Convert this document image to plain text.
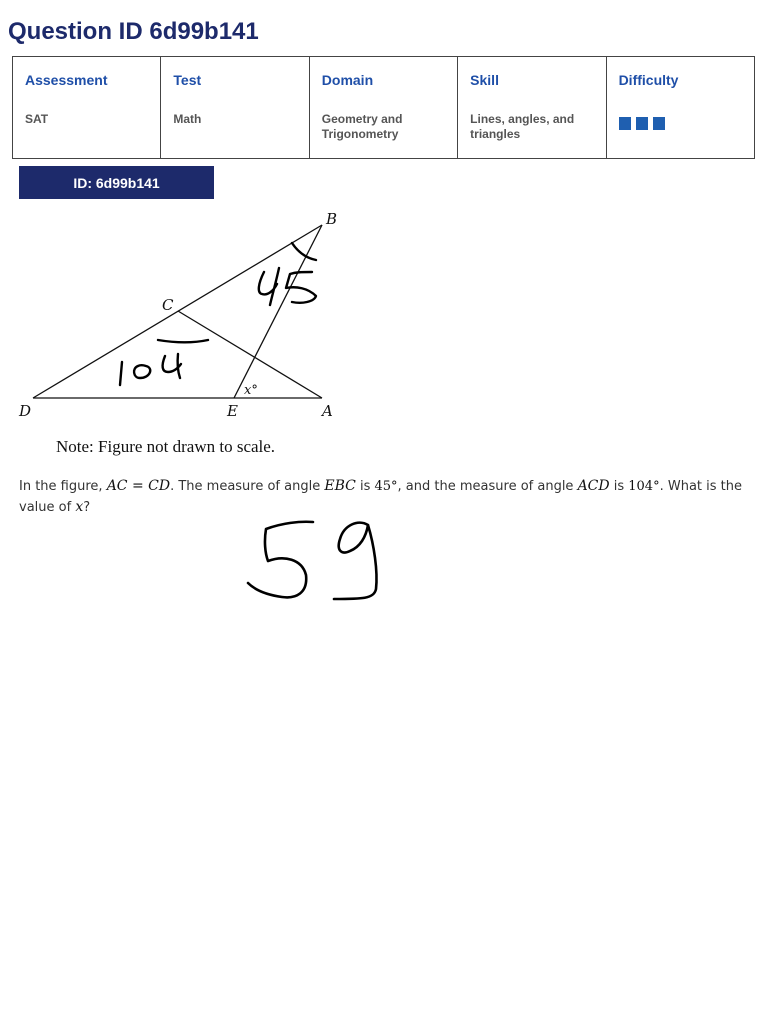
Question ID 6d99b141
Assessment
SAT

Test
Math

Domain
Geometry and Trigonometry

Skill
Lines, angles, and triangles

Difficulty
ID: 6d99b141
B
C
D	E	A
x°
Note: Figure not drawn to scale.
In the figure, AC = CD. The measure of angle EBC is 45°, and the measure of angle ACD is 104°. What is the value of x?
